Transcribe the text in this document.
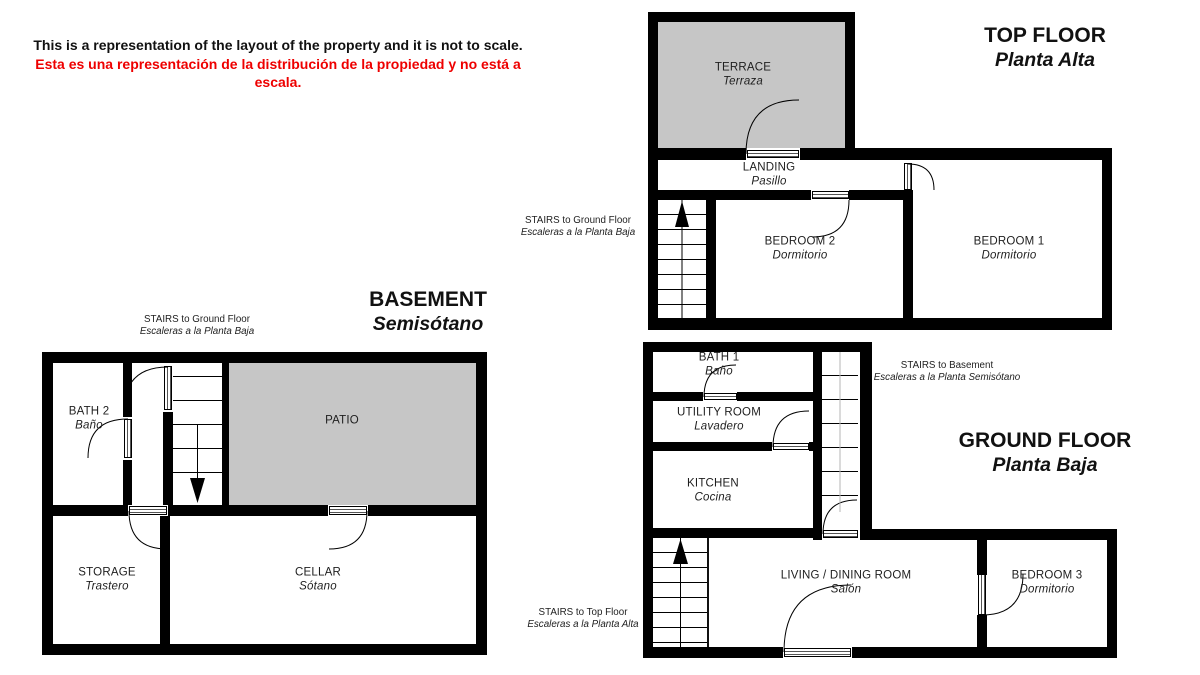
This is a representation of the layout of the property and it is not to scale.
Esta es una representación de la distribución de la propiedad y no está a escala.
TOP FLOOR
Planta Alta
BASEMENT
Semisótano
GROUND FLOOR
Planta Baja
STAIRS to Ground Floor
Escaleras a la Planta Baja
STAIRS to Ground Floor
Escaleras a la Planta Baja
STAIRS to Basement
Escaleras a la Planta Semisótano
STAIRS to Top Floor
Escaleras a la Planta Alta
TERRACE
Terraza
LANDING
Pasillo
BEDROOM 2
Dormitorio
BEDROOM 1
Dormitorio
BATH 2
Baño	PATIO
STORAGE
Trastero
CELLAR
Sótano
BATH 1
Baño
UTILITY ROOM
Lavadero
KITCHEN
Cocina
LIVING / DINING ROOM
Salón
BEDROOM 3
Dormitorio
